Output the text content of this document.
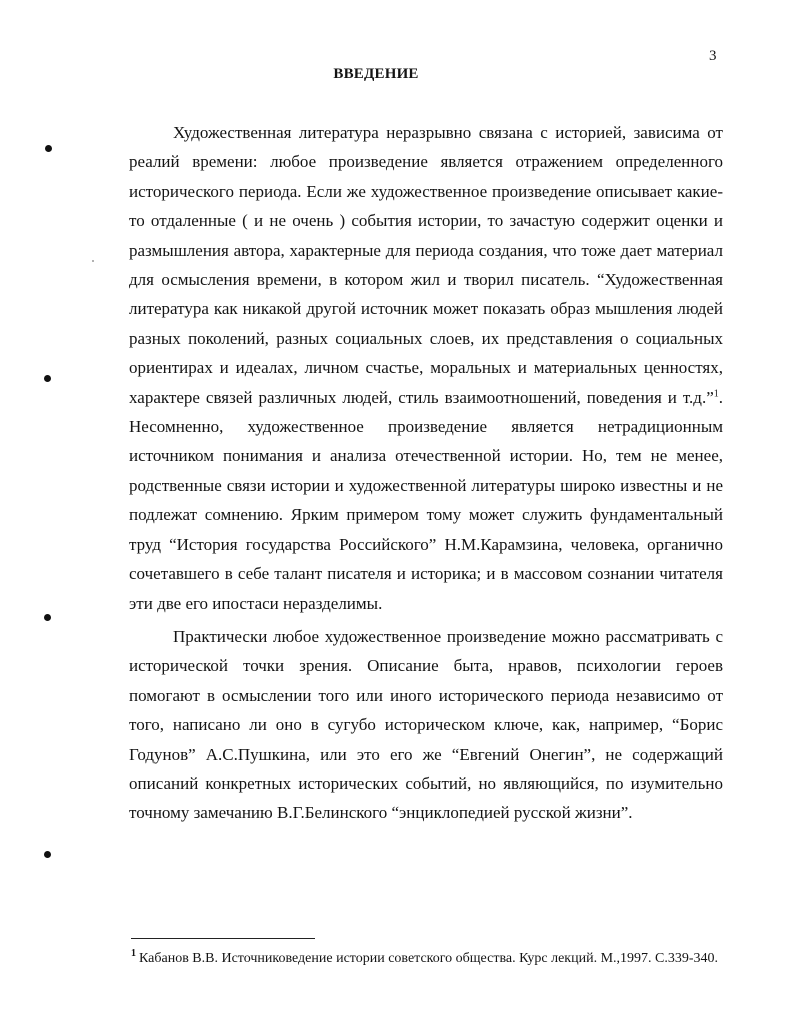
3
ВВЕДЕНИЕ

Художественная литература неразрывно связана с историей, зависима от реалий времени: любое произведение является отражением определенного исторического периода. Если же художественное произведение описывает какие-то отдаленные ( и не очень ) события истории, то зачастую содержит оценки и размышления автора, характерные для периода создания, что тоже дает материал для осмысления времени, в котором жил и творил писатель. “Художественная литература как никакой другой источник может показать образ мышления людей разных поколений, разных социальных слоев, их представления о социальных ориентирах и идеалах, личном счастье, моральных и материальных ценностях, характере связей различных людей, стиль взаимоотношений, поведения и т.д.”$^1$. Несомненно, художественное произведение является нетрадиционным источником понимания и анализа отечественной истории. Но, тем не менее, родственные связи истории и художественной литературы широко известны и не подлежат сомнению. Ярким примером тому может служить фундаментальный труд “История государства Российского” Н.М.Карамзина, человека, органично сочетавшего в себе талант писателя и историка; и в массовом сознании читателя эти две его ипостаси неразделимы.

Практически любое художественное произведение можно рассматривать с исторической точки зрения. Описание быта, нравов, психологии героев помогают в осмыслении того или иного исторического периода независимо от того, написано ли оно в сугубо историческом ключе, как, например, “Борис Годунов” А.С.Пушкина, или это его же “Евгений Онегин”, не содержащий описаний конкретных исторических событий, но являющийся, по изумительно точному замечанию В.Г.Белинского “энциклопедией русской жизни”.

$^1$ Кабанов В.В. Источниковедение истории советского общества. Курс лекций. М.,1997. С.339-340.
